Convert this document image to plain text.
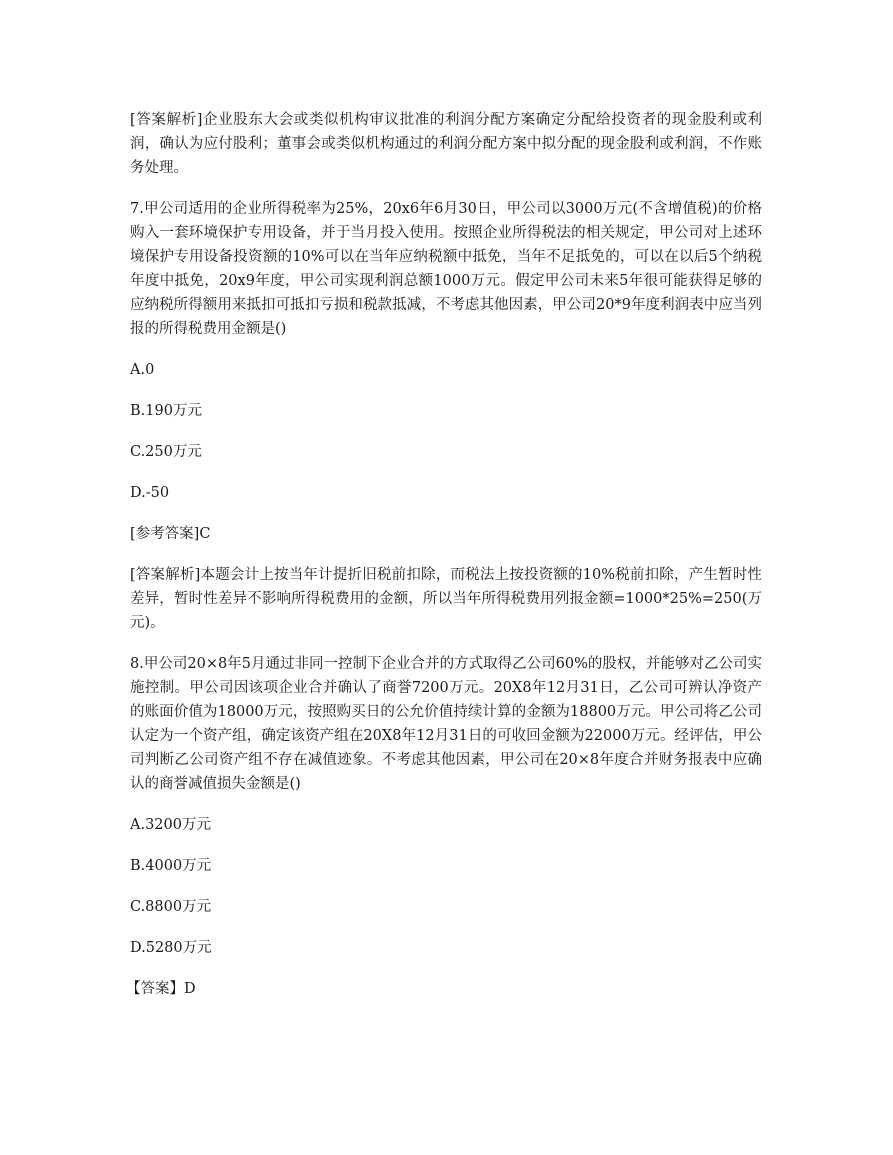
[答案解析]企业股东大会或类似机构审议批准的利润分配方案确定分配给投资者的现金股利或利润，确认为应付股利；董事会或类似机构通过的利润分配方案中拟分配的现金股利或利润，不作账务处理。

7.甲公司适用的企业所得税率为25%，20x6年6月30日，甲公司以3000万元(不含增值税)的价格购入一套环境保护专用设备，并于当月投入使用。按照企业所得税法的相关规定，甲公司对上述环境保护专用设备投资额的10%可以在当年应纳税额中抵免，当年不足抵免的，可以在以后5个纳税年度中抵免，20x9年度，甲公司实现利润总额1000万元。假定甲公司未来5年很可能获得足够的应纳税所得额用来抵扣可抵扣亏损和税款抵减，不考虑其他因素，甲公司20*9年度利润表中应当列报的所得税费用金额是()

A.0

B.190万元

C.250万元

D.-50

[参考答案]C

[答案解析]本题会计上按当年计提折旧税前扣除，而税法上按投资额的10%税前扣除，产生暂时性差异，暂时性差异不影响所得税费用的金额，所以当年所得税费用列报金额=1000*25%=250(万元)。

8.甲公司20×8年5月通过非同一控制下企业合并的方式取得乙公司60%的股权，并能够对乙公司实施控制。甲公司因该项企业合并确认了商誉7200万元。20X8年12月31日，乙公司可辨认净资产的账面价值为18000万元，按照购买日的公允价值持续计算的金额为18800万元。甲公司将乙公司认定为一个资产组，确定该资产组在20X8年12月31日的可收回金额为22000万元。经评估，甲公司判断乙公司资产组不存在减值迹象。不考虑其他因素，甲公司在20×8年度合并财务报表中应确认的商誉减值损失金额是()

A.3200万元

B.4000万元

C.8800万元

D.5280万元

【答案】D
